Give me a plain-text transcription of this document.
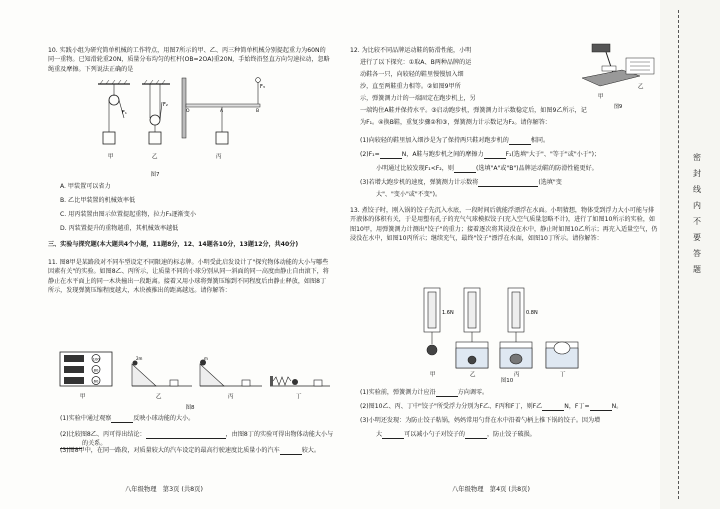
10. 实践小组为研究简单机械的工作特点，用图7所示的甲、乙、丙三种简单机械分别提起重力为60N的同一重物。已知滑轮重20N，质量分布均匀的杠杆(OB=2OA)重20N，手始终沿竖直方向匀速拉动，忽略绳重及摩擦。下列说法正确的是
F₁
F₂
O	A	B
F₃
甲	乙	丙
图7
A. 甲装置可以省力
B. 乙比甲装置的机械效率低
C. 用丙装置由图示位置提起重物，拉力F₃逐渐变小
D. 丙装置提升的重物越重，其机械效率越低
三、实验与探究题(本大题共4个小题，11题8分，12、14题各10分，13题12分，共40分)
11. 图8甲是某路段对不同车型设定不同限速的标志牌。小明受此启发设计了"探究物体动能的大小与哪些因素有关"的实验。如图8乙、丙所示，让质量不同的小球分别从同一斜面的同一高度由静止自由滚下，将静止在水平面上的同一木块撞出一段距离。接着又用小球将弹簧压缩到不同程度后由静止释放，如图8丁所示，发现弹簧压缩程度越大，木块被推出的距离越远。请你解答：
100
80
60
2m	m
甲	乙	丙	丁
图8
(1)实验中通过观察	反映小球动能的大小。
(2)比较图8乙、丙可得出结论：	，由图8丁的实验可得出物体动能大小与的关系。
(3)图8甲中，在同一路段，对质量较大的汽车设定的最高行驶速度比质量小的汽车	较大。
八年级物理　第3页 (共8页)
12. 为比较不同品牌运动鞋的防滑性能，小明
进行了以下探究：①取A、B两种品牌的运
动鞋各一只，向较轻的鞋里慢慢加入细
沙，直至两鞋重力相等。②如图9甲所
示，弹簧测力计的一端固定在跑步机上，另
一端钩住A鞋并保持水平。③启动跑步机，弹簧测力计示数稳定后，如图9乙所示，记
为F₁。④换B鞋，重复步骤②和③，弹簧测力计示数记为F₂。请你解答：
甲
乙
图9
(1)向较轻的鞋里加入细沙是为了保持两只鞋对跑步机的	相同。
(2)F₁=	N，A鞋与跑步机之间的摩擦力	F₁(选填"大于"、"等于"或"小于")；
小明通过比较发现F₁<F₂，则	(选填"A"或"B")品牌运动鞋的防滑性能更好。
(3)若增大跑步机的速度，弹簧测力计示数将	(选填"变
大"、"变小"或"不变")。
13. 煮饺子时，刚入锅的饺子先沉入水底，一段时间后就能浮漂浮在水面。小明猜想，物体受到浮力大小可能与排开液体的体积有关，于是用塑有孔子的充气气球模拟饺子(充入空气质量忽略不计)，进行了如图10所示的实验，如图10甲，用弹簧测力计测出"饺子"的重力；接着逐次将其浸没在水中，静止时如图10乙所示；再充入适量空气，仍浸没在水中，如图10丙所示；继续充气，最终"饺子"漂浮在水面，如图10丁所示。请你解答：
1.6N	0.8N
甲	乙	丙	丁
图10
(1)实验前，弹簧测力计应沿	方向调零。
(2)图10乙、丙、丁中"饺子"所受浮力分别为F乙、F丙和F丁，则F乙	N，F丁=	N。
(3)小明还发现：为防止饺子粘锅，妈妈常用勺背在水中沿着勺柄上推下锅的饺子。因为增
大	可以减小勺子对饺子的	，防止饺子破损。
八年级物理　第4页 (共8页)
密封线内不要答题
